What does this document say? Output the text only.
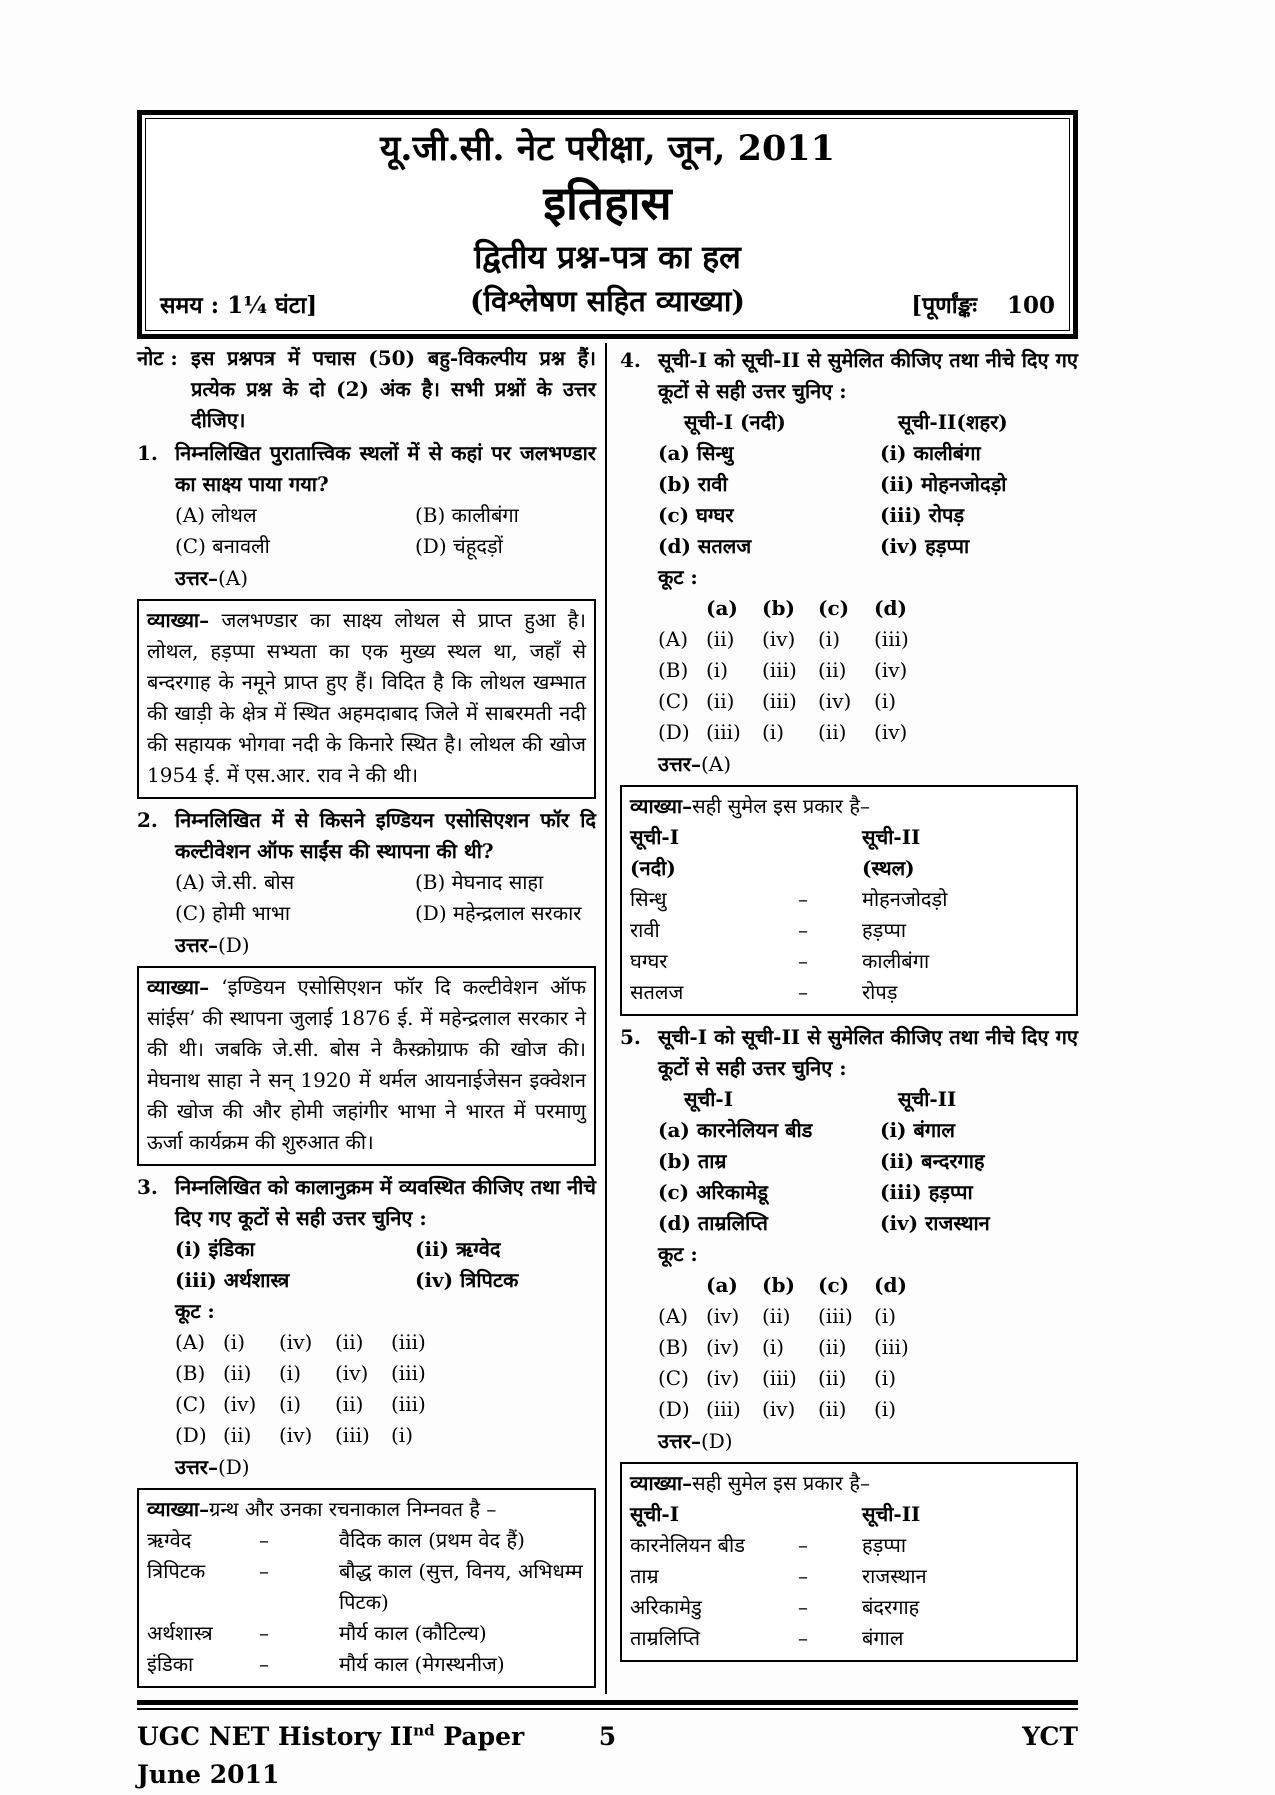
यू.जी.सी. नेट परीक्षा, जून, 2011
इतिहास
द्वितीय प्रश्न-पत्र का हल
समय : 1¹⁄₄ घंटा]	(विश्लेषण सहित व्याख्या)	[पूर्णांङ्कः 100
नोट : इस प्रश्नपत्र में पचास (50) बहु-विकल्पीय प्रश्न हैं। प्रत्येक प्रश्न के दो (2) अंक है। सभी प्रश्नों के उत्तर दीजिए।
1. निम्नलिखित पुरातात्त्विक स्थलों में से कहां पर जलभण्डार का साक्ष्य पाया गया?
(A) लोथल	(B) कालीबंगा
(C) बनावली	(D) चंहूदड़ों
उत्तर–(A)
व्याख्या– जलभण्डार का साक्ष्य लोथल से प्राप्त हुआ है। लोथल, हड़प्पा सभ्यता का एक मुख्य स्थल था, जहाँ से बन्दरगाह के नमूने प्राप्त हुए हैं। विदित है कि लोथल खम्भात की खाड़ी के क्षेत्र में स्थित अहमदाबाद जिले में साबरमती नदी की सहायक भोगवा नदी के किनारे स्थित है। लोथल की खोज 1954 ई. में एस.आर. राव ने की थी।
2. निम्नलिखित में से किसने इण्डियन एसोसिएशन फॉर दि कल्टीवेशन ऑफ साईंस की स्थापना की थी?
(A) जे.सी. बोस	(B) मेघनाद साहा
(C) होमी भाभा	(D) महेन्द्रलाल सरकार
उत्तर–(D)
व्याख्या– ‘इण्डियन एसोसिएशन फॉर दि कल्टीवेशन ऑफ सांईस’ की स्थापना जुलाई 1876 ई. में महेन्द्रलाल सरकार ने की थी। जबकि जे.सी. बोस ने कैस्क्रोग्राफ की खोज की। मेघनाथ साहा ने सन् 1920 में थर्मल आयनाईजेसन इक्वेशन की खोज की और होमी जहांगीर भाभा ने भारत में परमाणु ऊर्जा कार्यक्रम की शुरुआत की।
3. निम्नलिखित को कालानुक्रम में व्यवस्थित कीजिए तथा नीचे दिए गए कूटों से सही उत्तर चुनिए :
(i) इंडिका	(ii) ऋग्वेद
(iii) अर्थशास्त्र	(iv) त्रिपिटक
कूट :
(A) (i)	(iv)	(ii)	(iii)
(B) (ii)	(i)	(iv)	(iii)
(C) (iv)	(i)	(ii)	(iii)
(D) (ii)	(iv)	(iii)	(i)
उत्तर–(D)
व्याख्या–ग्रन्थ और उनका रचनाकाल निम्नवत है –
ऋग्वेद	–	वैदिक काल (प्रथम वेद हैं)
त्रिपिटक	–	बौद्ध काल (सुत्त, विनय, अभिधम्म पिटक)
अर्थशास्त्र	–	मौर्य काल (कौटिल्य)
इंडिका	–	मौर्य काल (मेगस्थनीज)
4. सूची-I को सूची-II से सुमेलित कीजिए तथा नीचे दिए गए कूटों से सही उत्तर चुनिए :
सूची-I (नदी)	सूची-II(शहर)
(a) सिन्धु	(i) कालीबंगा
(b) रावी	(ii) मोहनजोदड़ो
(c) घग्घर	(iii) रोपड़
(d) सतलज	(iv) हड़प्पा
कूट :
(a)	(b)	(c)	(d)
(A) (ii)	(iv)	(i)	(iii)
(B) (i)	(iii)	(ii)	(iv)
(C) (ii)	(iii)	(iv)	(i)
(D) (iii)	(i)	(ii)	(iv)
उत्तर–(A)
व्याख्या–सही सुमेल इस प्रकार है–
सूची-I	सूची-II
(नदी)	(स्थल)
सिन्धु	–	मोहनजोदड़ो
रावी	–	हड़प्पा
घग्घर	–	कालीबंगा
सतलज	–	रोपड़
5. सूची-I को सूची-II से सुमेलित कीजिए तथा नीचे दिए गए कूटों से सही उत्तर चुनिए :
सूची-I	सूची-II
(a) कारनेलियन बीड	(i) बंगाल
(b) ताम्र	(ii) बन्दरगाह
(c) अरिकामेडू	(iii) हड़प्पा
(d) ताम्रलिप्ति	(iv) राजस्थान
कूट :
(a)	(b)	(c)	(d)
(A) (iv)	(ii)	(iii)	(i)
(B) (iv)	(i)	(ii)	(iii)
(C) (iv)	(iii)	(ii)	(i)
(D) (iii)	(iv)	(ii)	(i)
उत्तर–(D)
व्याख्या–सही सुमेल इस प्रकार है–
सूची-I	सूची-II
कारनेलियन बीड	–	हड़प्पा
ताम्र	–	राजस्थान
अरिकामेडु	–	बंदरगाह
ताम्रलिप्ति	–	बंगाल
UGC NET History IInd Paper June 2011
5	YCT
